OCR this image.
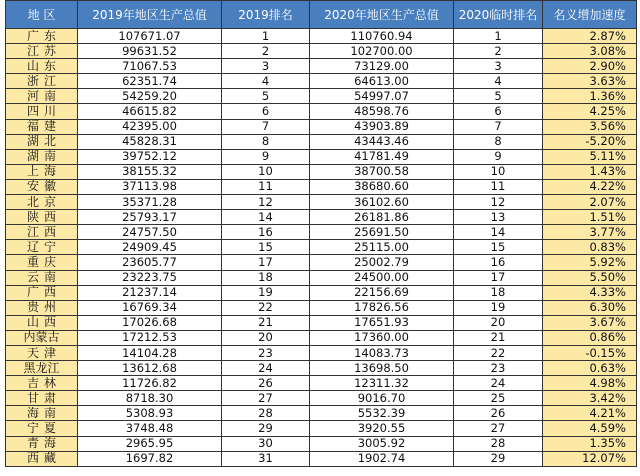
地 区	2019年地区生产总值	2019排名	2020年地区生产总值	2020临时排名	名义增加速度
广东	107671.07	1	110760.94	1	2.87%
江苏	99631.52	2	102700.00	2	3.08%
山东	71067.53	3	73129.00	3	2.90%
浙江	62351.74	4	64613.00	4	3.63%
河南	54259.20	5	54997.07	5	1.36%
四川	46615.82	6	48598.76	6	4.25%
福建	42395.00	7	43903.89	7	3.56%
湖北	45828.31	8	43443.46	8	-5.20%
湖南	39752.12	9	41781.49	9	5.11%
上海	38155.32	10	38700.58	10	1.43%
安徽	37113.98	11	38680.60	11	4.22%
北京	35371.28	12	36102.60	12	2.07%
陕西	25793.17	14	26181.86	13	1.51%
江西	24757.50	16	25691.50	14	3.77%
辽宁	24909.45	15	25115.00	15	0.83%
重庆	23605.77	17	25002.79	16	5.92%
云南	23223.75	18	24500.00	17	5.50%
广西	21237.14	19	22156.69	18	4.33%
贵州	16769.34	22	17826.56	19	6.30%
山西	17026.68	21	17651.93	20	3.67%
内蒙古	17212.53	20	17360.00	21	0.86%
天津	14104.28	23	14083.73	22	-0.15%
黑龙江	13612.68	24	13698.50	23	0.63%
吉林	11726.82	26	12311.32	24	4.98%
甘肃	8718.30	27	9016.70	25	3.42%
海南	5308.93	28	5532.39	26	4.21%
宁夏	3748.48	29	3920.55	27	4.59%
青海	2965.95	30	3005.92	28	1.35%
西藏	1697.82	31	1902.74	29	12.07%
